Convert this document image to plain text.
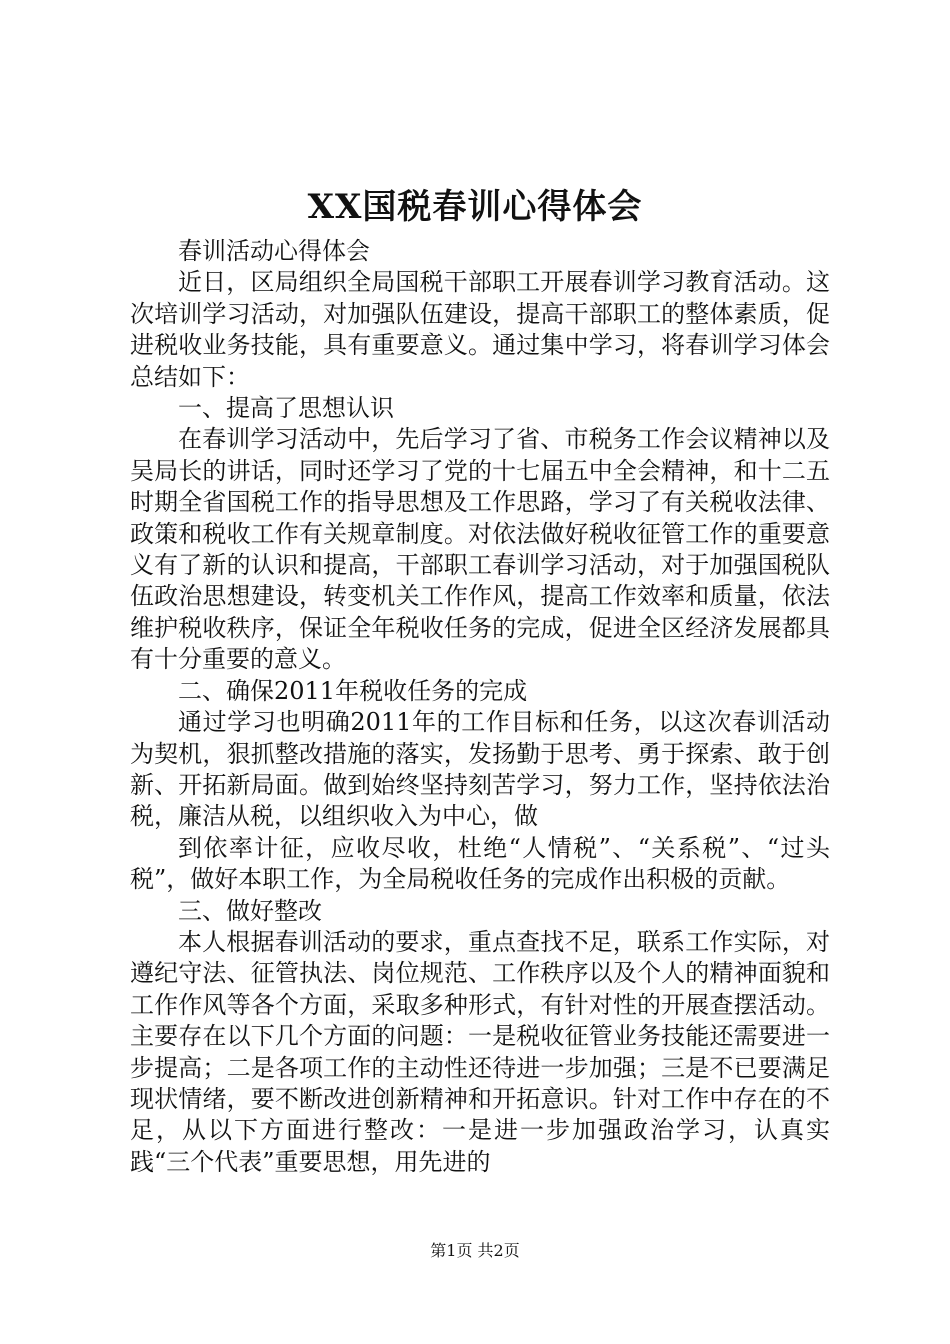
XX国税春训心得体会

春训活动心得体会

近日，区局组织全局国税干部职工开展春训学习教育活动。这次培训学习活动，对加强队伍建设，提高干部职工的整体素质，促进税收业务技能，具有重要意义。通过集中学习，将春训学习体会总结如下：

一、提高了思想认识

在春训学习活动中，先后学习了省、市税务工作会议精神以及吴局长的讲话，同时还学习了党的十七届五中全会精神，和十二五时期全省国税工作的指导思想及工作思路，学习了有关税收法律、政策和税收工作有关规章制度。对依法做好税收征管工作的重要意义有了新的认识和提高，干部职工春训学习活动，对于加强国税队伍政治思想建设，转变机关工作作风，提高工作效率和质量，依法维护税收秩序，保证全年税收任务的完成，促进全区经济发展都具有十分重要的意义。

二、确保2011年税收任务的完成

通过学习也明确2011年的工作目标和任务，以这次春训活动为契机，狠抓整改措施的落实，发扬勤于思考、勇于探索、敢于创新、开拓新局面。做到始终坚持刻苦学习，努力工作，坚持依法治税，廉洁从税，以组织收入为中心，做

到依率计征，应收尽收，杜绝“人情税”、“关系税”、“过头税”，做好本职工作，为全局税收任务的完成作出积极的贡献。

三、做好整改

本人根据春训活动的要求，重点查找不足，联系工作实际，对遵纪守法、征管执法、岗位规范、工作秩序以及个人的精神面貌和工作作风等各个方面，采取多种形式，有针对性的开展查摆活动。主要存在以下几个方面的问题：一是税收征管业务技能还需要进一步提高；二是各项工作的主动性还待进一步加强；三是不已要满足现状情绪，要不断改进创新精神和开拓意识。针对工作中存在的不足，从以下方面进行整改：一是进一步加强政治学习，认真实践“三个代表”重要思想，用先进的

第1页 共2页
